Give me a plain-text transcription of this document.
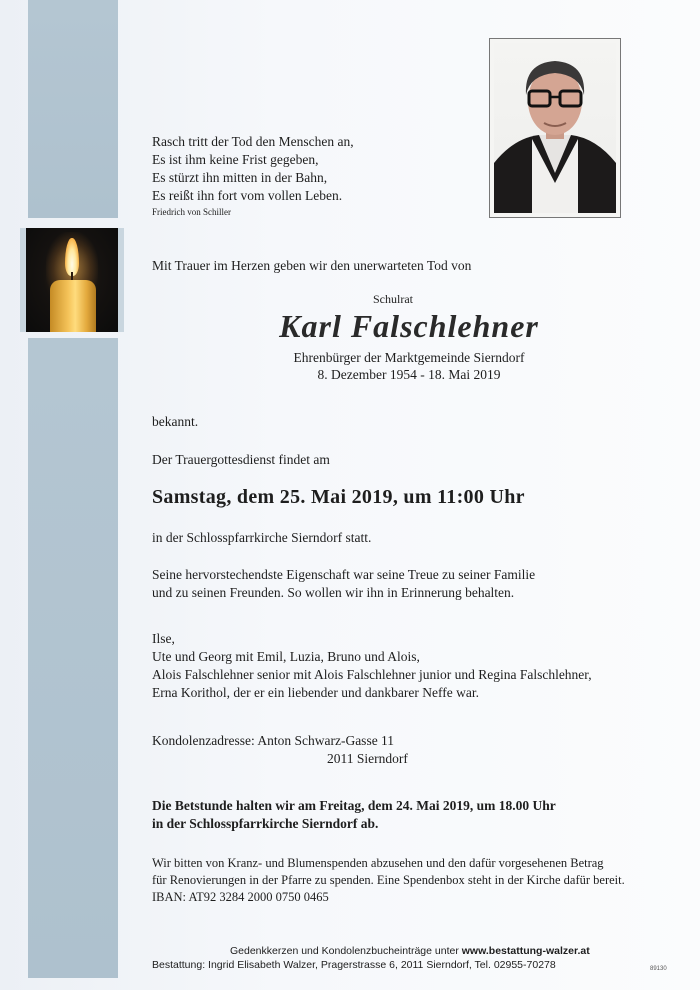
Rasch tritt der Tod den Menschen an,
Es ist ihm keine Frist gegeben,
Es stürzt ihn mitten in der Bahn,
Es reißt ihn fort vom vollen Leben.
Friedrich von Schiller
Mit Trauer im Herzen geben wir den unerwarteten Tod von
Schulrat
Karl Falschlehner
Ehrenbürger der Marktgemeinde Sierndorf
8. Dezember 1954 - 18. Mai 2019
bekannt.
Der Trauergottesdienst findet am
Samstag, dem 25. Mai 2019, um 11:00 Uhr
in der Schlosspfarrkirche Sierndorf statt.
Seine hervorstechendste Eigenschaft war seine Treue zu seiner Familie
und zu seinen Freunden. So wollen wir ihn in Erinnerung behalten.
Ilse,
Ute und Georg mit Emil, Luzia, Bruno und Alois,
Alois Falschlehner senior mit Alois Falschlehner junior und Regina Falschlehner,
Erna Korithol, der er ein liebender und dankbarer Neffe war.
Kondolenzadresse: Anton Schwarz-Gasse 11
2011 Sierndorf
Die Betstunde halten wir am Freitag, dem 24. Mai 2019, um 18.00 Uhr
in der Schlosspfarrkirche Sierndorf ab.
Wir bitten von Kranz- und Blumenspenden abzusehen und den dafür vorgesehenen Betrag
für Renovierungen in der Pfarre zu spenden. Eine Spendenbox steht in der Kirche dafür bereit.
IBAN: AT92 3284 2000 0750 0465
Gedenkkerzen und Kondolenzbucheinträge unter www.bestattung-walzer.at
Bestattung: Ingrid Elisabeth Walzer, Pragerstrasse 6, 2011 Sierndorf, Tel. 02955-70278	89130
